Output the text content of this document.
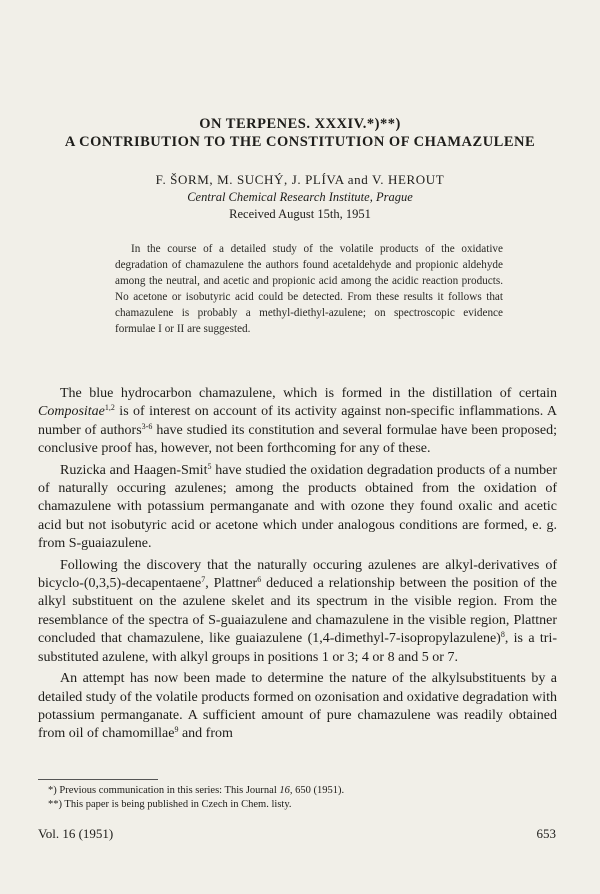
ON TERPENES. XXXIV.*)**)
A CONTRIBUTION TO THE CONSTITUTION OF CHAMAZULENE
F. ŠORM, M. SUCHÝ, J. PLÍVA and V. HEROUT
Central Chemical Research Institute, Prague
Received August 15th, 1951
In the course of a detailed study of the volatile products of the oxidative degradation of chamazulene the authors found acetaldehyde and propionic aldehyde among the neutral, and acetic and propionic acid among the acidic reaction products. No acetone or isobutyric acid could be detected. From these results it follows that chamazulene is probably a methyl-diethyl-azulene; on spectroscopic evidence formulae I or II are suggested.

The blue hydrocarbon chamazulene, which is formed in the distillation of certain Compositae$^{1,2}$ is of interest on account of its activity against non-specific inflammations. A number of authors$^{3-6}$ have studied its constitution and several formulae have been proposed; conclusive proof has, however, not been forthcoming for any of these.

Ruzicka and Haagen-Smit$^5$ have studied the oxidation degradation products of a number of naturally occuring azulenes; among the products obtained from the oxidation of chamazulene with potassium permanganate and with ozone they found oxalic and acetic acid but not isobutyric acid or acetone which under analogous conditions are formed, e. g. from S-guaiazulene.

Following the discovery that the naturally occuring azulenes are alkyl-derivatives of bicyclo-(0,3,5)-decapentaene$^7$, Plattner$^6$ deduced a relationship between the position of the alkyl substituent on the azulene skelet and its spectrum in the visible region. From the resemblance of the spectra of S-guaiazulene and chamazulene in the visible region, Plattner concluded that chamazulene, like guaiazulene (1,4-dimethyl-7-isopropylazulene)$^8$, is a tri-substituted azulene, with alkyl groups in positions 1 or 3; 4 or 8 and 5 or 7.

An attempt has now been made to determine the nature of the alkylsubstituents by a detailed study of the volatile products formed on ozonisation and oxidative degradation with potassium permanganate. A sufficient amount of pure chamazulene was readily obtained from oil of chamomillae$^9$ and from

*) Previous communication in this series: This Journal 16, 650 (1951).
**) This paper is being published in Czech in Chem. listy.
Vol. 16 (1951)	653
